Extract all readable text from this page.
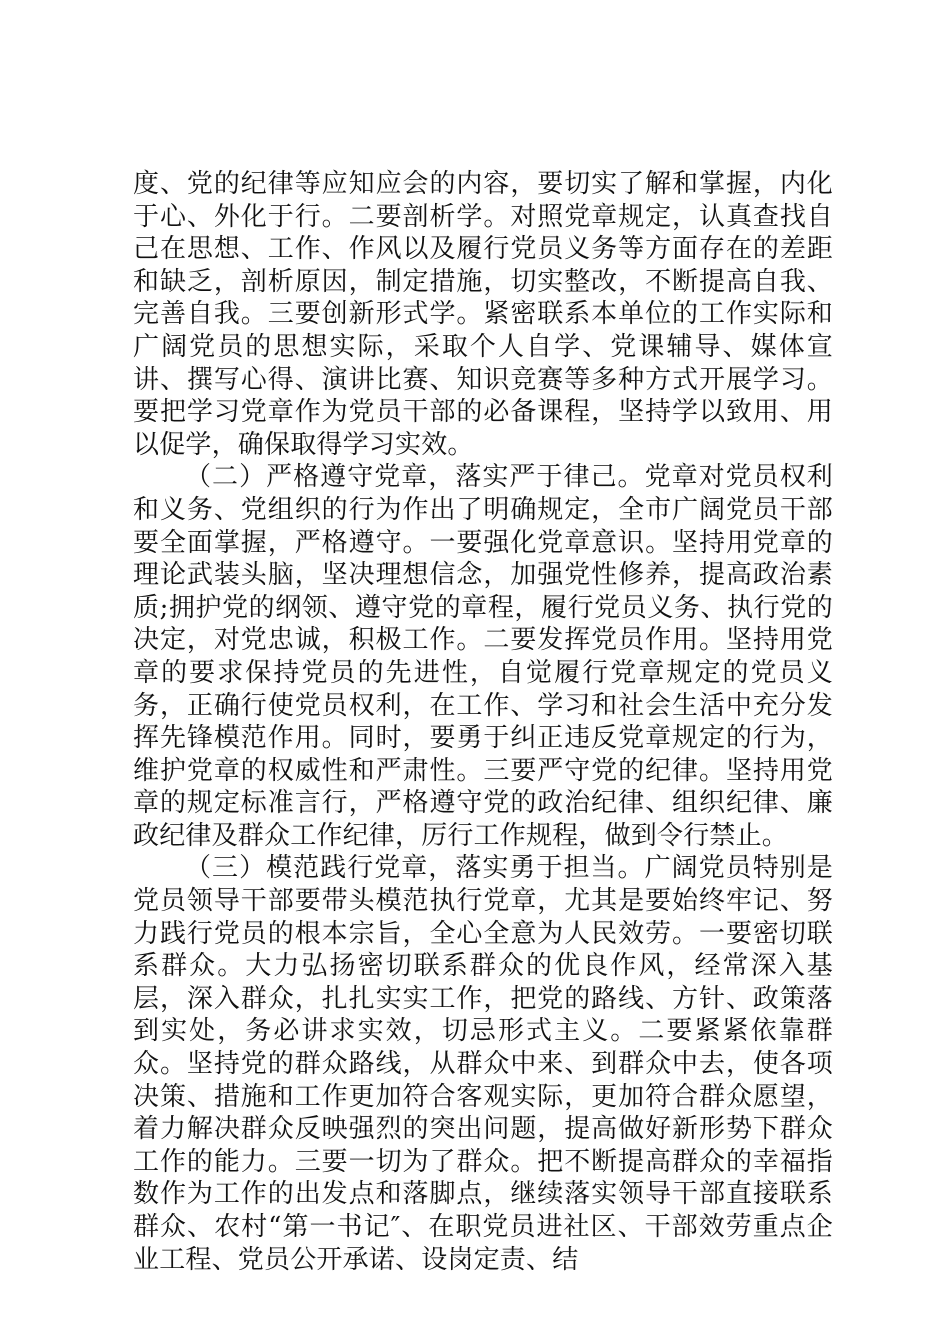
度、党的纪律等应知应会的内容，要切实了解和掌握，内化于心、外化于行。二要剖析学。对照党章规定，认真查找自己在思想、工作、作风以及履行党员义务等方面存在的差距和缺乏，剖析原因，制定措施，切实整改，不断提高自我、完善自我。三要创新形式学。紧密联系本单位的工作实际和广阔党员的思想实际，采取个人自学、党课辅导、媒体宣讲、撰写心得、演讲比赛、知识竞赛等多种方式开展学习。要把学习党章作为党员干部的必备课程，坚持学以致用、用以促学，确保取得学习实效。

（二）严格遵守党章，落实严于律己。党章对党员权利和义务、党组织的行为作出了明确规定，全市广阔党员干部要全面掌握，严格遵守。一要强化党章意识。坚持用党章的理论武装头脑，坚决理想信念，加强党性修养，提高政治素质;拥护党的纲领、遵守党的章程，履行党员义务、执行党的决定，对党忠诚，积极工作。二要发挥党员作用。坚持用党章的要求保持党员的先进性，自觉履行党章规定的党员义务，正确行使党员权利，在工作、学习和社会生活中充分发挥先锋模范作用。同时，要勇于纠正违反党章规定的行为，维护党章的权威性和严肃性。三要严守党的纪律。坚持用党章的规定标准言行，严格遵守党的政治纪律、组织纪律、廉政纪律及群众工作纪律，厉行工作规程，做到令行禁止。

（三）模范践行党章，落实勇于担当。广阔党员特别是党员领导干部要带头模范执行党章，尤其是要始终牢记、努力践行党员的根本宗旨，全心全意为人民效劳。一要密切联系群众。大力弘扬密切联系群众的优良作风，经常深入基层，深入群众，扎扎实实工作，把党的路线、方针、政策落到实处，务必讲求实效，切忌形式主义。二要紧紧依靠群众。坚持党的群众路线，从群众中来、到群众中去，使各项决策、措施和工作更加符合客观实际，更加符合群众愿望，着力解决群众反映强烈的突出问题，提高做好新形势下群众工作的能力。三要一切为了群众。把不断提高群众的幸福指数作为工作的出发点和落脚点，继续落实领导干部直接联系群众、农村“第一书记″、在职党员进社区、干部效劳重点企业工程、党员公开承诺、设岗定责、结
